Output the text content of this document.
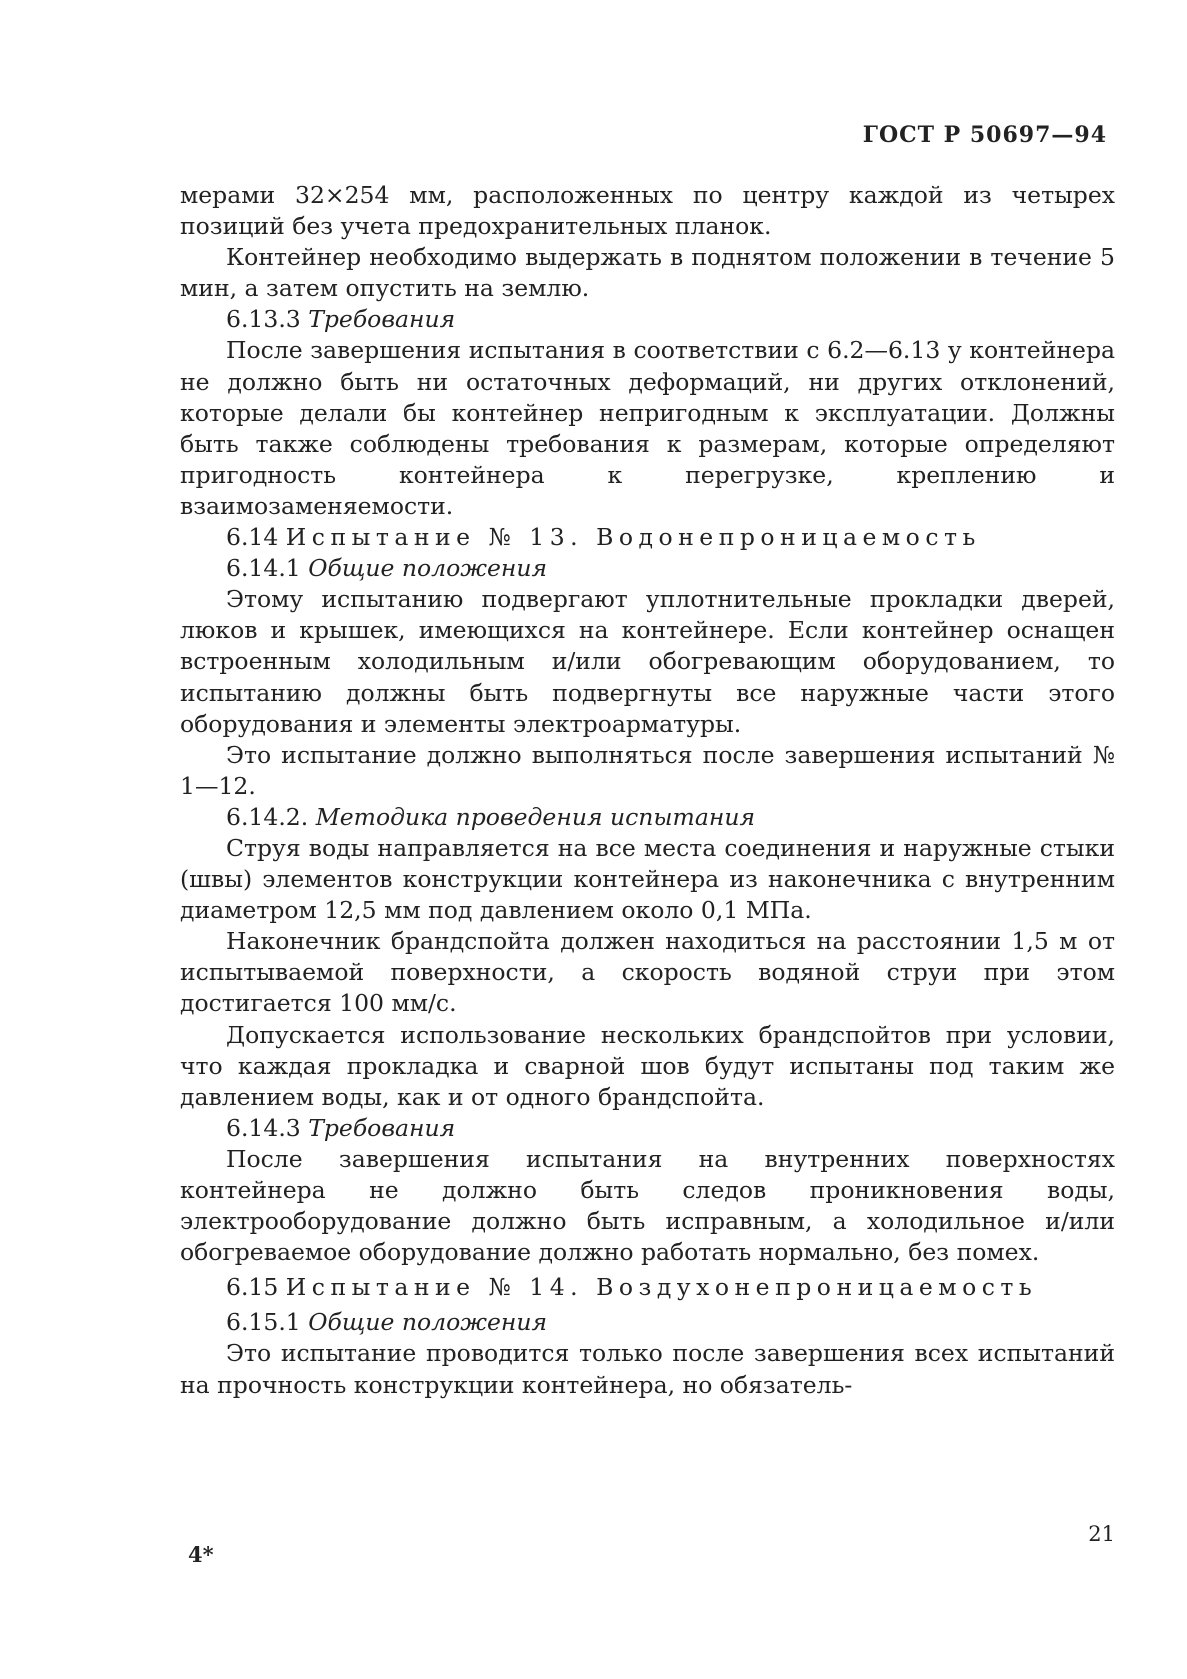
ГОСТ Р 50697—94

мерами 32×254 мм, расположенных по центру каждой из четырех позиций без учета предохранительных планок.

Контейнер необходимо выдержать в поднятом положении в течение 5 мин, а затем опустить на землю.

6.13.3 Требования

После завершения испытания в соответствии с 6.2—6.13 у контейнера не должно быть ни остаточных деформаций, ни других отклонений, которые делали бы контейнер непригодным к эксплуатации. Должны быть также соблюдены требования к размерам, которые определяют пригодность контейнера к перегрузке, креплению и взаимозаменяемости.

6.14 Испытание № 13. Водонепроницаемость

6.14.1 Общие положения

Этому испытанию подвергают уплотнительные прокладки дверей, люков и крышек, имеющихся на контейнере. Если контейнер оснащен встроенным холодильным и/или обогревающим оборудованием, то испытанию должны быть подвергнуты все наружные части этого оборудования и элементы электроарматуры.

Это испытание должно выполняться после завершения испытаний № 1—12.

6.14.2. Методика проведения испытания

Струя воды направляется на все места соединения и наружные стыки (швы) элементов конструкции контейнера из наконечника с внутренним диаметром 12,5 мм под давлением около 0,1 МПа.

Наконечник брандспойта должен находиться на расстоянии 1,5 м от испытываемой поверхности, а скорость водяной струи при этом достигается 100 мм/с.

Допускается использование нескольких брандспойтов при условии, что каждая прокладка и сварной шов будут испытаны под таким же давлением воды, как и от одного брандспойта.

6.14.3 Требования

После завершения испытания на внутренних поверхностях контейнера не должно быть следов проникновения воды, электрооборудование должно быть исправным, а холодильное и/или обогреваемое оборудование должно работать нормально, без помех.

6.15 Испытание № 14. Воздухонепроницаемость

6.15.1 Общие положения

Это испытание проводится только после завершения всех испытаний на прочность конструкции контейнера, но обязатель-

4*
21
